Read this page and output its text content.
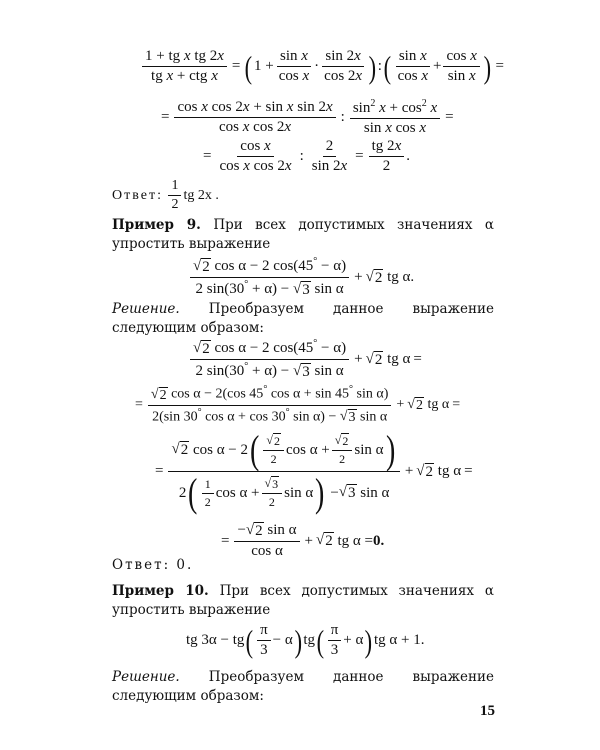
$\frac{\text{1 + tg x tg 2x}}{\text{tg x + ctg x}}$ = ( $1 + \frac{\text{sin x}}{\text{cos x}} \cdot \frac{\sin 2x}{\cos 2x}$ ) : ( $\frac{\text{sin x}}{\text{cos x}} + \frac{\text{cos x}}{\text{sin x}}$ ) =
= $\frac{\text{cos x cos 2x + sin x sin 2x}}{\text{cos x cos 2x}}$ : $\frac{\sin^2 x + \cos^2 x}{\text{sin x cos x}}$ =
= $\frac{\text{cos x}}{\text{cos x cos 2x}}$ : $\frac{2}{\sin 2x} = \frac{tg 2x}{2}$ .
Ответ:
$\frac{1}{2}$ tg 2x .
Пример 9. При всех допустимых значениях α упростить выражение
$\frac{√ 2 \cos \alpha - 2 \cos(45^\circ - \alpha)}{2 \sin(30^\circ + \alpha) - √ 3 \sin \alpha}$ + √ 2 tg α.
Решение. Преобразуем данное выражение следующим образом:
$\frac{√ 2 \cos \alpha - 2 \cos(45^\circ - \alpha)}{2 \sin(30^\circ + \alpha) - √ 3 \sin \alpha}$ + √ 2 tg α =
= $\frac{√ 2 \cos \alpha - 2(\cos 45^\circ \cos \alpha + \sin 45^\circ \sin \alpha)}{2(\sin 30^\circ \cos \alpha + \cos 30^\circ \sin \alpha) - √ 3 \sin \alpha}$ + √ 2 tg α =
= $\frac{√ 2 \cos \alpha - 2 ( \frac{√ 2}{2} \cos \alpha + \frac{√ 2}{2} \sin \alpha )}{2 ( \frac{1}{2} \cos \alpha + \frac{√ 3}{2} \sin \alpha ) - √ 3 \sin \alpha}$ + √ 2 tg α =
= $\frac{\text{−√ 2 sin α}}{\text{cos α}}$ + √ 2 tg α = 0.
Ответ: 0.
Пример 10. При всех допустимых значениях α упростить выражение
tg 3α − tg ( $\frac{\pi}{3} - \alpha$ ) tg ( $\frac{\pi}{3} + \alpha$ ) tg α + 1.
Решение. Преобразуем данное выражение следующим образом:
15
